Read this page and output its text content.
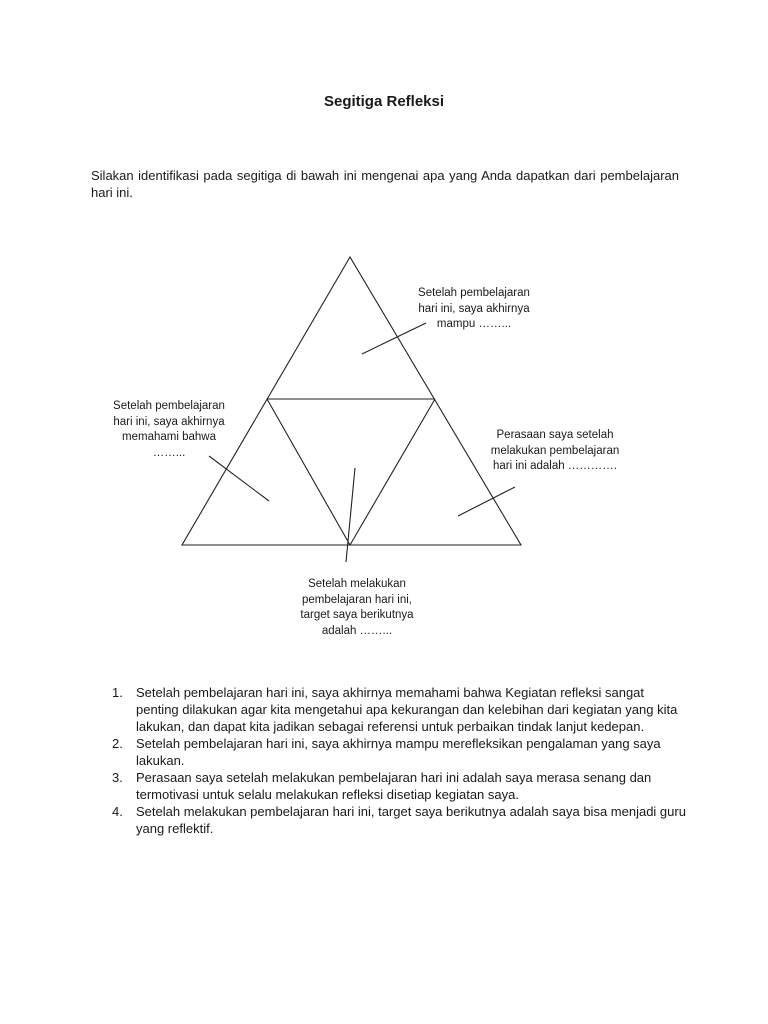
Segitiga Refleksi

Silakan identifikasi pada segitiga di bawah ini mengenai apa yang Anda dapatkan dari pembelajaran hari ini.

Setelah pembelajaran
hari ini, saya akhirnya
mampu ……...
Setelah pembelajaran
hari ini, saya akhirnya
memahami bahwa
……...
Perasaan saya setelah
melakukan pembelajaran
hari ini adalah ………….
Setelah melakukan
pembelajaran hari ini,
target saya berikutnya
adalah ……...
1. Setelah pembelajaran hari ini, saya akhirnya memahami bahwa Kegiatan refleksi sangat penting dilakukan agar kita mengetahui apa kekurangan dan kelebihan dari kegiatan yang kita lakukan, dan dapat kita jadikan sebagai referensi untuk perbaikan tindak lanjut kedepan.
2. Setelah pembelajaran hari ini, saya akhirnya mampu merefleksikan pengalaman yang saya lakukan.
3. Perasaan saya setelah melakukan pembelajaran hari ini adalah saya merasa senang dan termotivasi untuk selalu melakukan refleksi disetiap kegiatan saya.
4. Setelah melakukan pembelajaran hari ini, target saya berikutnya adalah saya bisa menjadi guru yang reflektif.
